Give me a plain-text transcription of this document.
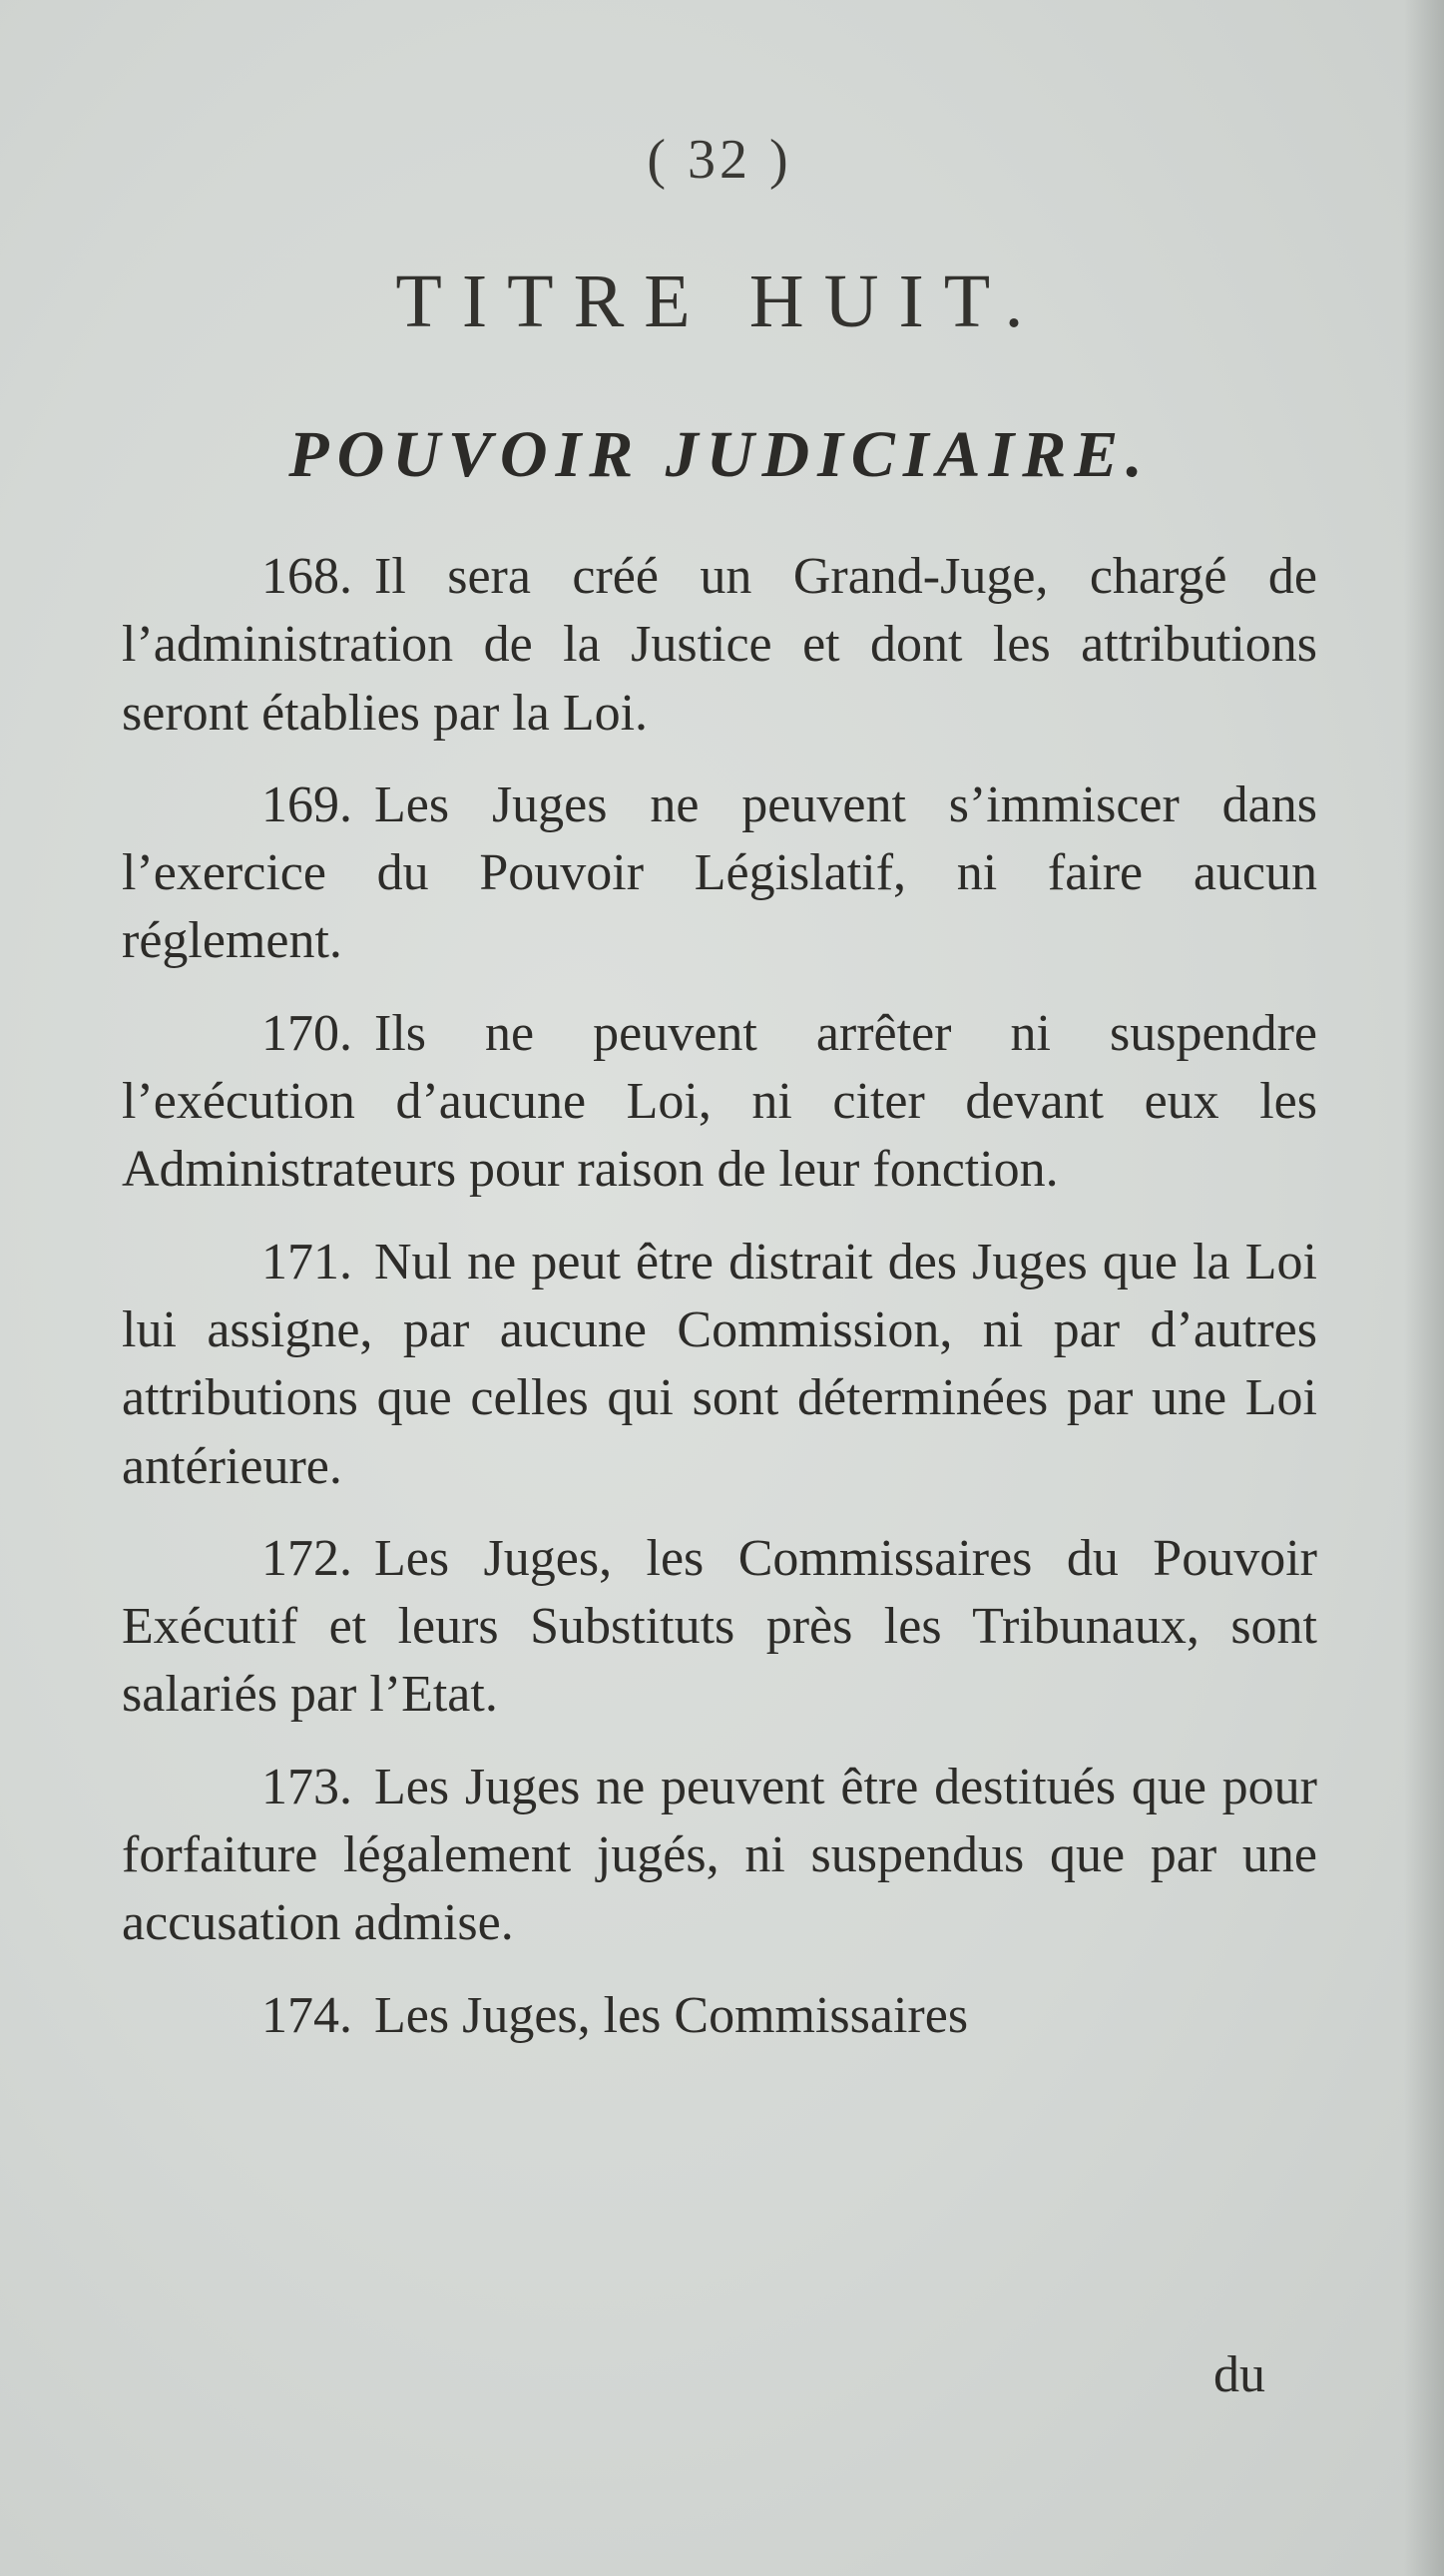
( 32 )
TITRE HUIT.
POUVOIR JUDICIAIRE.

168. Il sera créé un Grand-Juge, chargé de l’administration de la Justice et dont les attributions seront établies par la Loi.

169. Les Juges ne peuvent s’immiscer dans l’exercice du Pouvoir Législatif, ni faire aucun réglement.

170. Ils ne peuvent arrêter ni suspendre l’exécution d’aucune Loi, ni citer devant eux les Administrateurs pour raison de leur fonction.

171. Nul ne peut être distrait des Juges que la Loi lui assigne, par aucune Commission, ni par d’autres attributions que celles qui sont déterminées par une Loi antérieure.

172. Les Juges, les Commissaires du Pouvoir Exécutif et leurs Substituts près les Tribunaux, sont salariés par l’Etat.

173. Les Juges ne peuvent être destitués que pour forfaiture légalement jugés, ni suspendus que par une accusation admise.

174. Les Juges, les Commissaires

du
